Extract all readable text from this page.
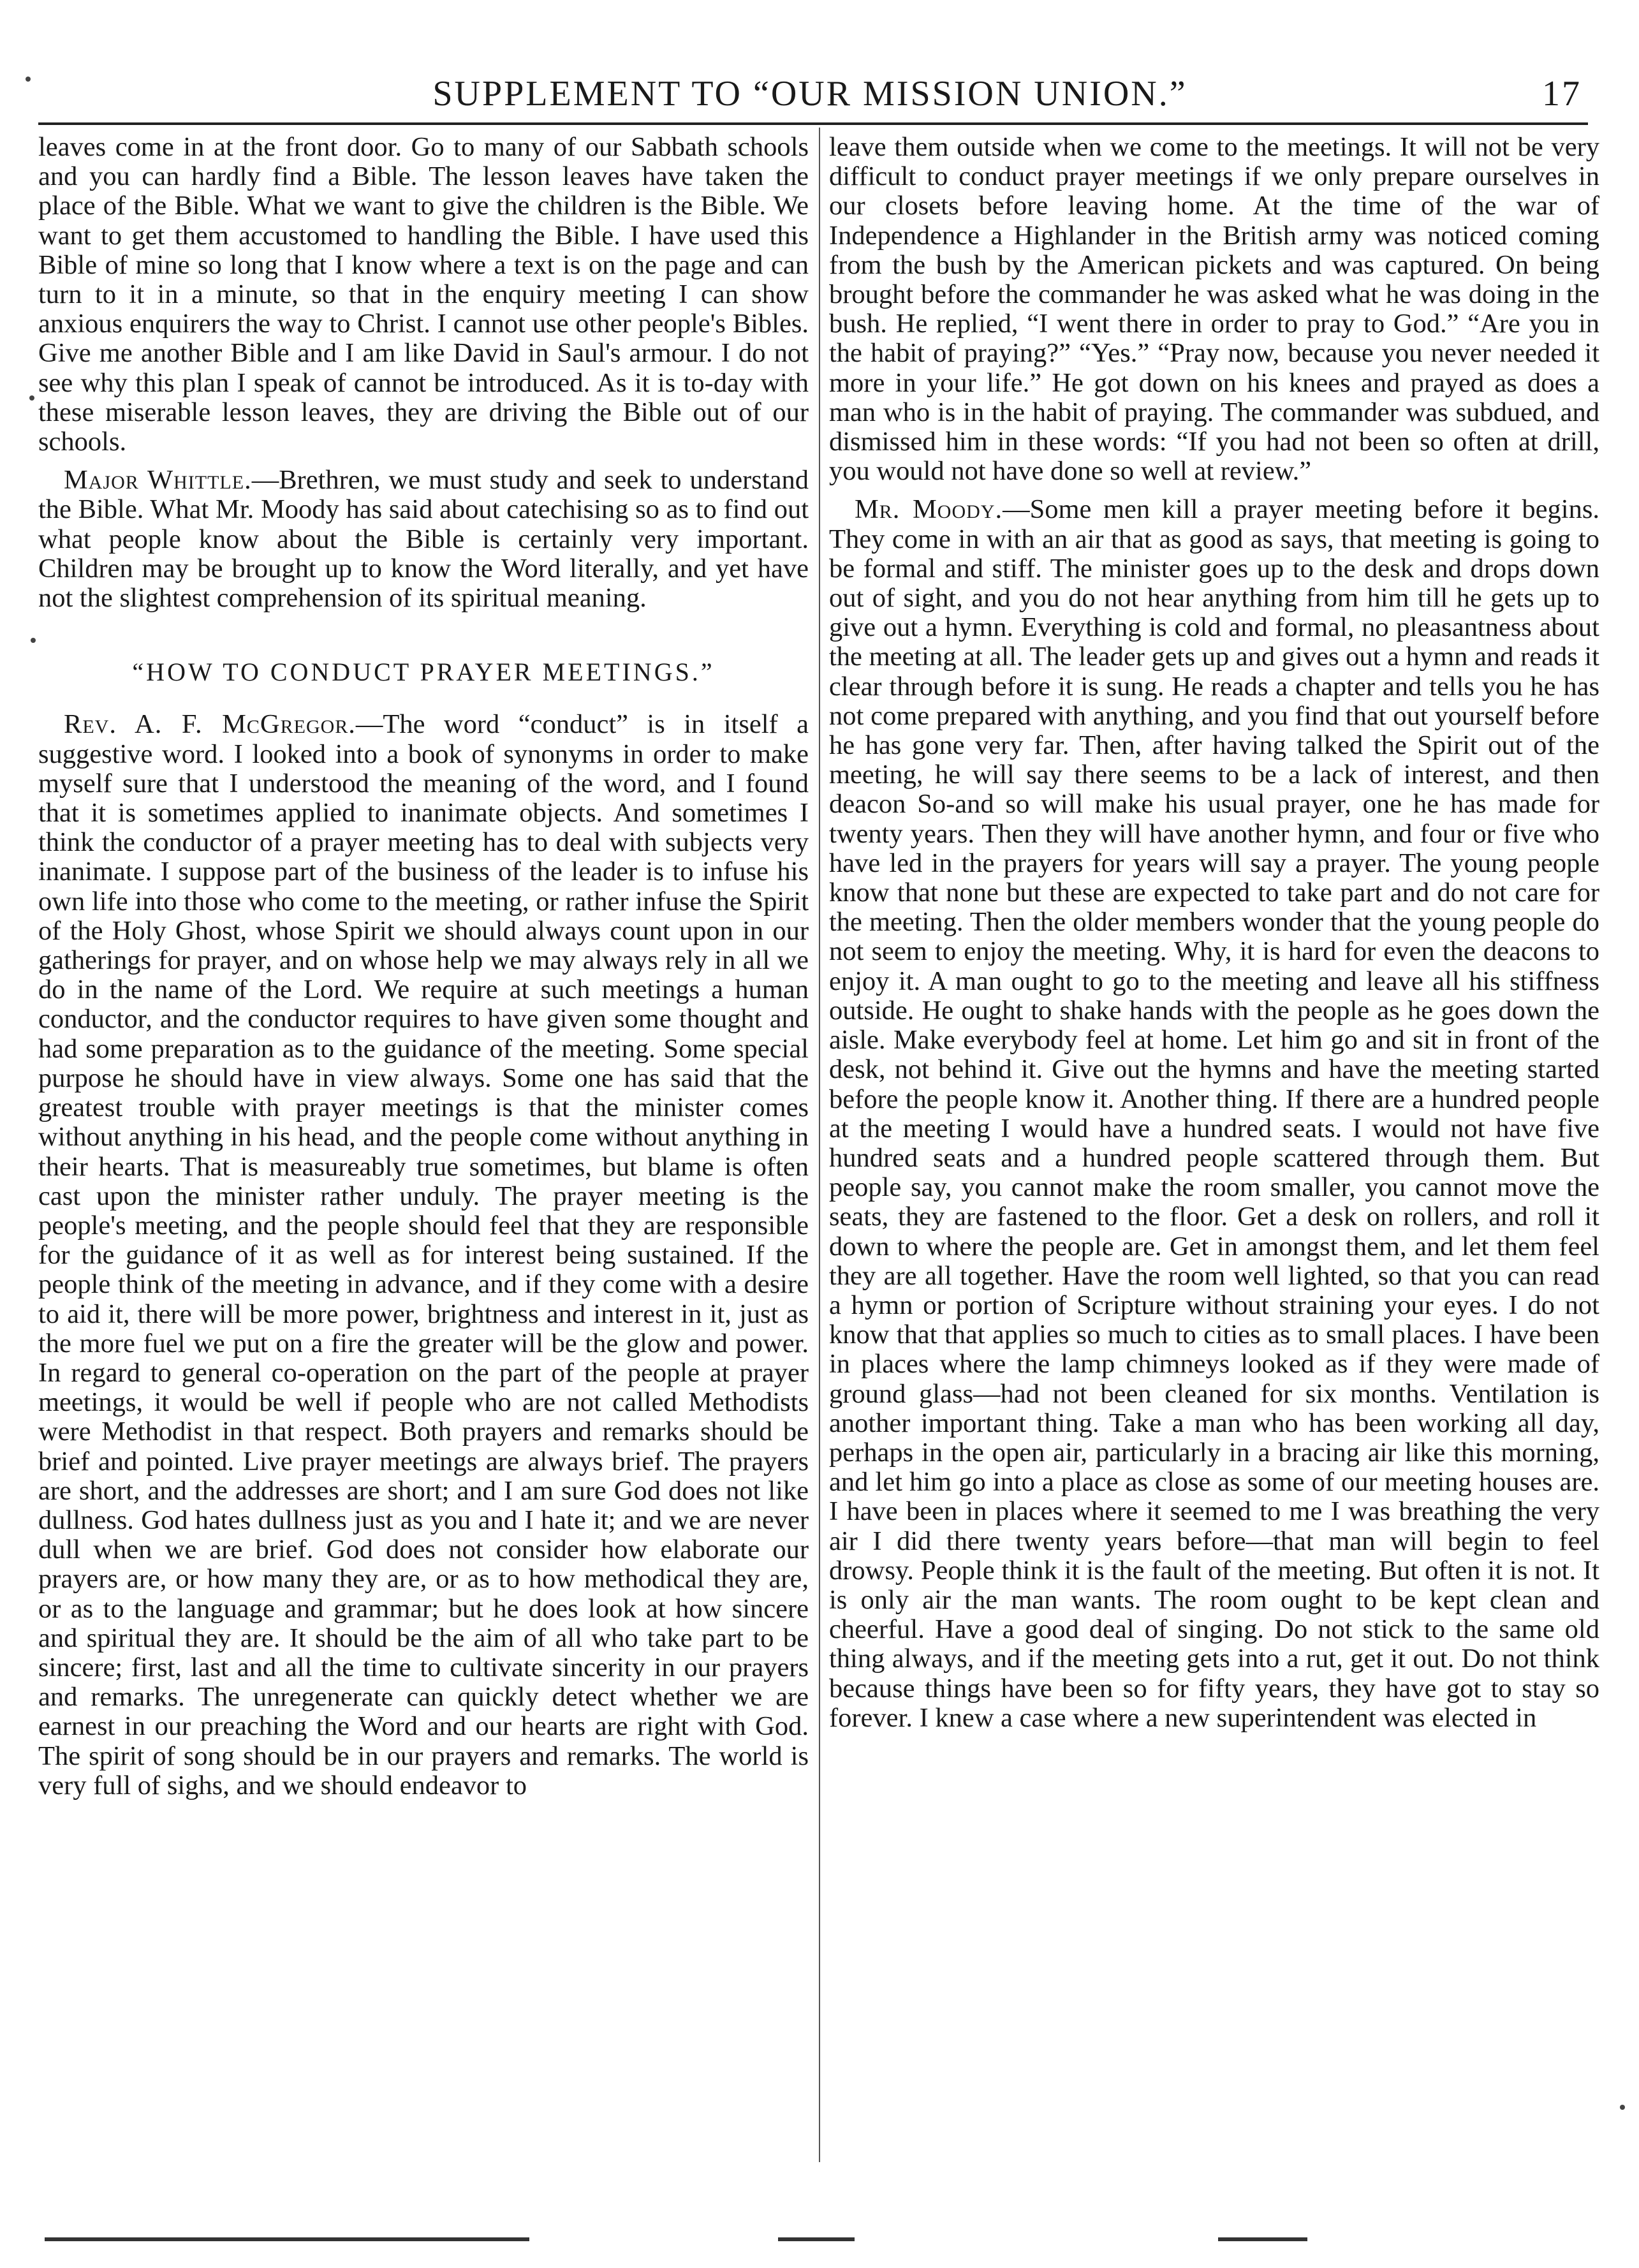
SUPPLEMENT TO “OUR MISSION UNION.”	17

leaves come in at the front door. Go to many of our Sabbath schools and you can hardly find a Bible. The lesson leaves have taken the place of the Bible. What we want to give the children is the Bible. We want to get them accustomed to handling the Bible. I have used this Bible of mine so long that I know where a text is on the page and can turn to it in a minute, so that in the enquiry meeting I can show anxious enquirers the way to Christ. I cannot use other people's Bibles. Give me another Bible and I am like David in Saul's armour. I do not see why this plan I speak of cannot be introduced. As it is to-day with these miserable lesson leaves, they are driving the Bible out of our schools.

Major Whittle.—Brethren, we must study and seek to understand the Bible. What Mr. Moody has said about catechising so as to find out what people know about the Bible is certainly very important. Children may be brought up to know the Word literally, and yet have not the slightest comprehension of its spiritual meaning.

“HOW TO CONDUCT PRAYER MEETINGS.”

Rev. A. F. McGregor.—The word “conduct” is in itself a suggestive word. I looked into a book of synonyms in order to make myself sure that I understood the meaning of the word, and I found that it is sometimes applied to inanimate objects. And sometimes I think the conductor of a prayer meeting has to deal with subjects very inanimate. I suppose part of the business of the leader is to infuse his own life into those who come to the meeting, or rather infuse the Spirit of the Holy Ghost, whose Spirit we should always count upon in our gatherings for prayer, and on whose help we may always rely in all we do in the name of the Lord. We require at such meetings a human conductor, and the conductor requires to have given some thought and had some preparation as to the guidance of the meeting. Some special purpose he should have in view always. Some one has said that the greatest trouble with prayer meetings is that the minister comes without anything in his head, and the people come without anything in their hearts. That is measureably true sometimes, but blame is often cast upon the minister rather unduly. The prayer meeting is the people's meeting, and the people should feel that they are responsible for the guidance of it as well as for interest being sustained. If the people think of the meeting in advance, and if they come with a desire to aid it, there will be more power, brightness and interest in it, just as the more fuel we put on a fire the greater will be the glow and power. In regard to general co-operation on the part of the people at prayer meetings, it would be well if people who are not called Methodists were Methodist in that respect. Both prayers and remarks should be brief and pointed. Live prayer meetings are always brief. The prayers are short, and the addresses are short; and I am sure God does not like dullness. God hates dullness just as you and I hate it; and we are never dull when we are brief. God does not consider how elaborate our prayers are, or how many they are, or as to how methodical they are, or as to the language and grammar; but he does look at how sincere and spiritual they are. It should be the aim of all who take part to be sincere; first, last and all the time to cultivate sincerity in our prayers and remarks. The unregenerate can quickly detect whether we are earnest in our preaching the Word and our hearts are right with God. The spirit of song should be in our prayers and remarks. The world is very full of sighs, and we should endeavor to

leave them outside when we come to the meetings. It will not be very difficult to conduct prayer meetings if we only prepare ourselves in our closets before leaving home. At the time of the war of Independence a Highlander in the British army was noticed coming from the bush by the American pickets and was captured. On being brought before the commander he was asked what he was doing in the bush. He replied, “I went there in order to pray to God.” “Are you in the habit of praying?” “Yes.” “Pray now, because you never needed it more in your life.” He got down on his knees and prayed as does a man who is in the habit of praying. The commander was subdued, and dismissed him in these words: “If you had not been so often at drill, you would not have done so well at review.”

Mr. Moody.—Some men kill a prayer meeting before it begins. They come in with an air that as good as says, that meeting is going to be formal and stiff. The minister goes up to the desk and drops down out of sight, and you do not hear anything from him till he gets up to give out a hymn. Everything is cold and formal, no pleasantness about the meeting at all. The leader gets up and gives out a hymn and reads it clear through before it is sung. He reads a chapter and tells you he has not come prepared with anything, and you find that out yourself before he has gone very far. Then, after having talked the Spirit out of the meeting, he will say there seems to be a lack of interest, and then deacon So-and so will make his usual prayer, one he has made for twenty years. Then they will have another hymn, and four or five who have led in the prayers for years will say a prayer. The young people know that none but these are expected to take part and do not care for the meeting. Then the older members wonder that the young people do not seem to enjoy the meeting. Why, it is hard for even the deacons to enjoy it. A man ought to go to the meeting and leave all his stiffness outside. He ought to shake hands with the people as he goes down the aisle. Make everybody feel at home. Let him go and sit in front of the desk, not behind it. Give out the hymns and have the meeting started before the people know it. Another thing. If there are a hundred people at the meeting I would have a hundred seats. I would not have five hundred seats and a hundred people scattered through them. But people say, you cannot make the room smaller, you cannot move the seats, they are fastened to the floor. Get a desk on rollers, and roll it down to where the people are. Get in amongst them, and let them feel they are all together. Have the room well lighted, so that you can read a hymn or portion of Scripture without straining your eyes. I do not know that that applies so much to cities as to small places. I have been in places where the lamp chimneys looked as if they were made of ground glass—had not been cleaned for six months. Ventilation is another important thing. Take a man who has been working all day, perhaps in the open air, particularly in a bracing air like this morning, and let him go into a place as close as some of our meeting houses are. I have been in places where it seemed to me I was breathing the very air I did there twenty years before—that man will begin to feel drowsy. People think it is the fault of the meeting. But often it is not. It is only air the man wants. The room ought to be kept clean and cheerful. Have a good deal of singing. Do not stick to the same old thing always, and if the meeting gets into a rut, get it out. Do not think because things have been so for fifty years, they have got to stay so forever. I knew a case where a new superintendent was elected in
